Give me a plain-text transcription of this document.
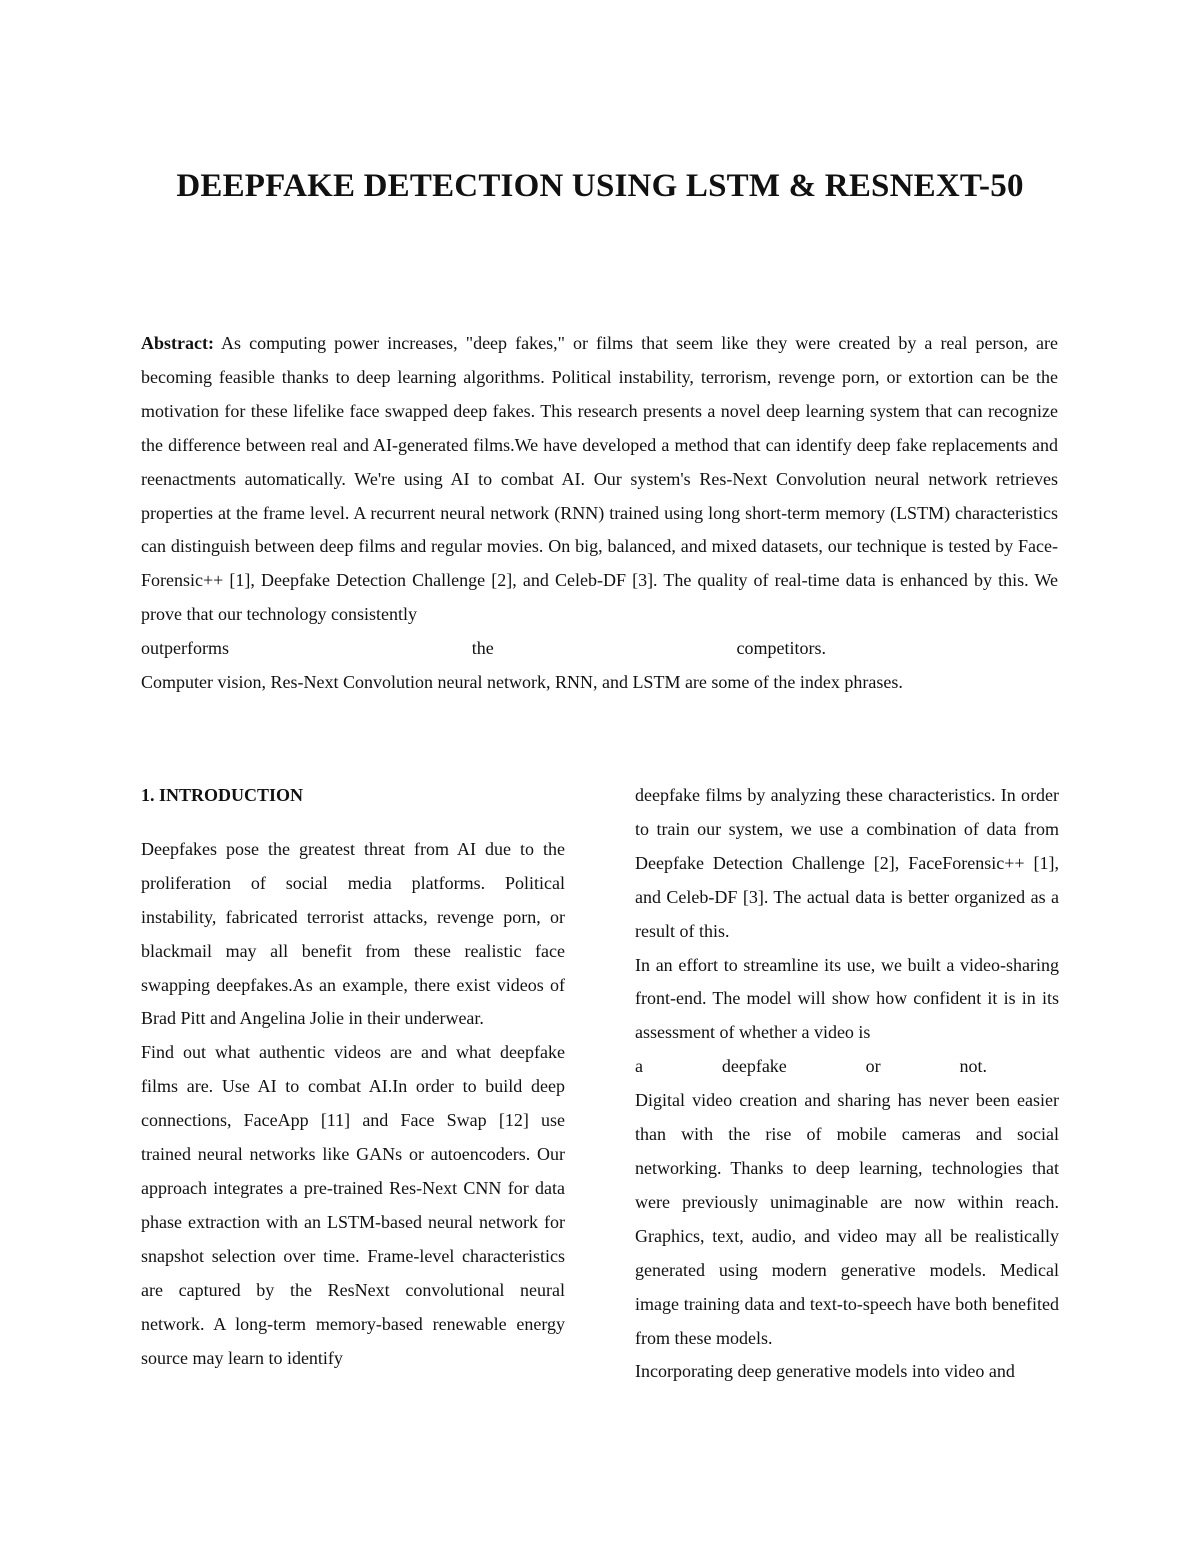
DEEPFAKE DETECTION USING LSTM & RESNEXT-50
Abstract: As computing power increases, "deep fakes," or films that seem like they were created by a real person, are becoming feasible thanks to deep learning algorithms. Political instability, terrorism, revenge porn, or extortion can be the motivation for these lifelike face swapped deep fakes. This research presents a novel deep learning system that can recognize the difference between real and AI-generated films.We have developed a method that can identify deep fake replacements and reenactments automatically. We're using AI to combat AI. Our system's Res-Next Convolution neural network retrieves properties at the frame level. A recurrent neural network (RNN) trained using long short-term memory (LSTM) characteristics can distinguish between deep films and regular movies. On big, balanced, and mixed datasets, our technique is tested by Face-Forensic++ [1], Deepfake Detection Challenge [2], and Celeb-DF [3]. The quality of real-time data is enhanced by this. We prove that our technology consistently
outperforms	the	competitors.
Computer vision, Res-Next Convolution neural network, RNN, and LSTM are some of the index phrases.
1. INTRODUCTION

Deepfakes pose the greatest threat from AI due to the proliferation of social media platforms. Political instability, fabricated terrorist attacks, revenge porn, or blackmail may all benefit from these realistic face swapping deepfakes.As an example, there exist videos of Brad Pitt and Angelina Jolie in their underwear.

Find out what authentic videos are and what deepfake films are. Use AI to combat AI.In order to build deep connections, FaceApp [11] and Face Swap [12] use trained neural networks like GANs or autoencoders. Our approach integrates a pre-trained Res-Next CNN for data phase extraction with an LSTM-based neural network for snapshot selection over time. Frame-level characteristics are captured by the ResNext convolutional neural network. A long-term memory-based renewable energy source may learn to identify

deepfake films by analyzing these characteristics. In order to train our system, we use a combination of data from Deepfake Detection Challenge [2], FaceForensic++ [1], and Celeb-DF [3]. The actual data is better organized as a result of this.

In an effort to streamline its use, we built a video-sharing front-end. The model will show how confident it is in its assessment of whether a video is

a	deepfake	or	not.

Digital video creation and sharing has never been easier than with the rise of mobile cameras and social networking. Thanks to deep learning, technologies that were previously unimaginable are now within reach. Graphics, text, audio, and video may all be realistically generated using modern generative models. Medical image training data and text-to-speech have both benefited from these models.

Incorporating deep generative models into video and
